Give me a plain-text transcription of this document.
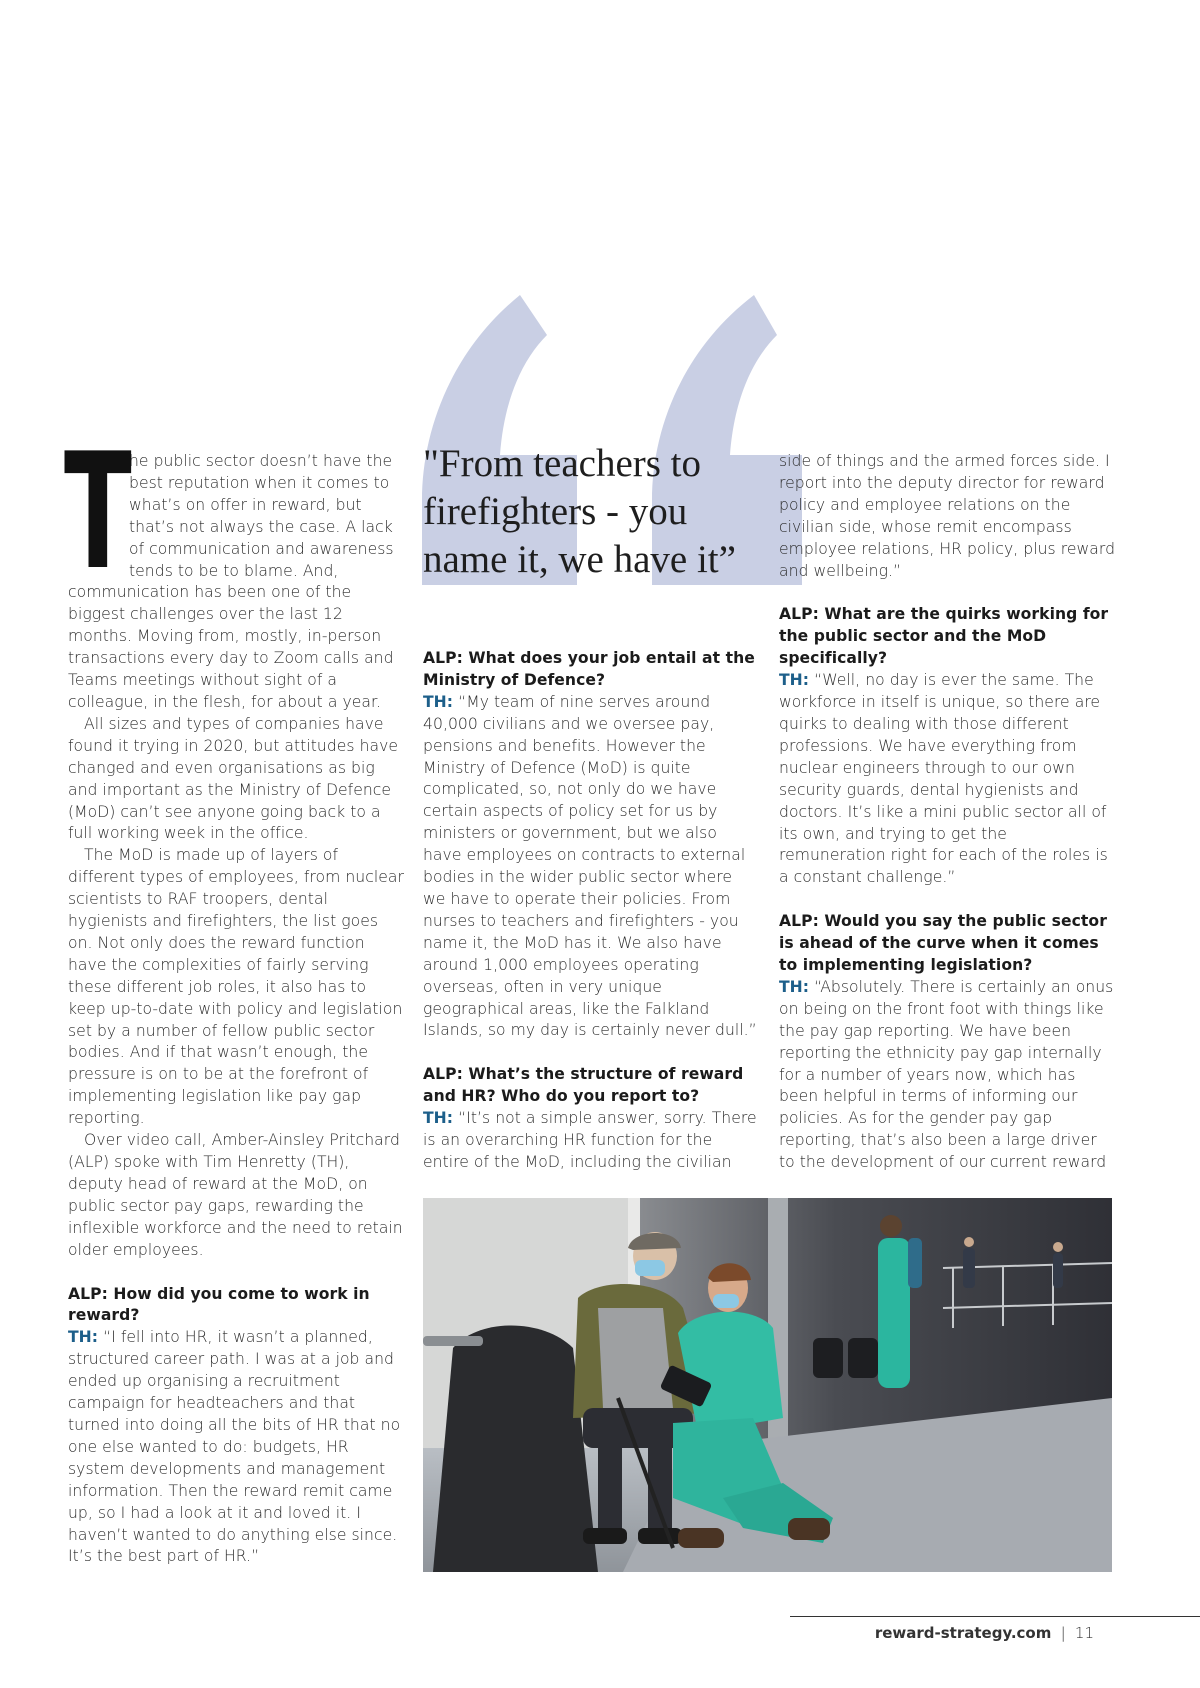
"From teachers to firefighters - you name it, we have it”

T
he public sector doesn’t have the best reputation when it comes to what’s on offer in reward, but that’s not always the case. A lack of communication and awareness tends to be to blame. And, communication has been one of the biggest challenges over the last 12 months. Moving from, mostly, in-person transactions every day to Zoom calls and Teams meetings without sight of a colleague, in the flesh, for about a year.

All sizes and types of companies have found it trying in 2020, but attitudes have changed and even organisations as big and important as the Ministry of Defence (MoD) can’t see anyone going back to a full working week in the office.

The MoD is made up of layers of different types of employees, from nuclear scientists to RAF troopers, dental hygienists and firefighters, the list goes on. Not only does the reward function have the complexities of fairly serving these different job roles, it also has to keep up-to-date with policy and legislation set by a number of fellow public sector bodies. And if that wasn’t enough, the pressure is on to be at the forefront of implementing legislation like pay gap reporting.

Over video call, Amber-Ainsley Pritchard (ALP) spoke with Tim Henretty (TH), deputy head of reward at the MoD, on public sector pay gaps, rewarding the inflexible workforce and the need to retain older employees.

ALP: How did you come to work in reward?

TH: “I fell into HR, it wasn’t a planned, structured career path. I was at a job and ended up organising a recruitment campaign for headteachers and that turned into doing all the bits of HR that no one else wanted to do: budgets, HR system developments and management information. Then the reward remit came up, so I had a look at it and loved it. I haven’t wanted to do anything else since. It’s the best part of HR.”

ALP: What does your job entail at the Ministry of Defence?

TH: “My team of nine serves around 40,000 civilians and we oversee pay, pensions and benefits. However the Ministry of Defence (MoD) is quite complicated, so, not only do we have certain aspects of policy set for us by ministers or government, but we also have employees on contracts to external bodies in the wider public sector where we have to operate their policies. From nurses to teachers and firefighters - you name it, the MoD has it. We also have around 1,000 employees operating overseas, often in very unique geographical areas, like the Falkland Islands, so my day is certainly never dull.”

ALP: What’s the structure of reward and HR? Who do you report to?

TH: “It’s not a simple answer, sorry. There is an overarching HR function for the entire of the MoD, including the civilian

side of things and the armed forces side. I report into the deputy director for reward policy and employee relations on the civilian side, whose remit encompass employee relations, HR policy, plus reward and wellbeing.”

ALP: What are the quirks working for the public sector and the MoD specifically?

TH: “Well, no day is ever the same. The workforce in itself is unique, so there are quirks to dealing with those different professions. We have everything from nuclear engineers through to our own security guards, dental hygienists and doctors. It’s like a mini public sector all of its own, and trying to get the remuneration right for each of the roles is a constant challenge.”

ALP: Would you say the public sector is ahead of the curve when it comes to implementing legislation?

TH: “Absolutely. There is certainly an onus on being on the front foot with things like the pay gap reporting. We have been reporting the ethnicity pay gap internally for a number of years now, which has been helpful in terms of informing our policies. As for the gender pay gap reporting, that’s also been a large driver to the development of our current reward

reward-strategy.com | 11
